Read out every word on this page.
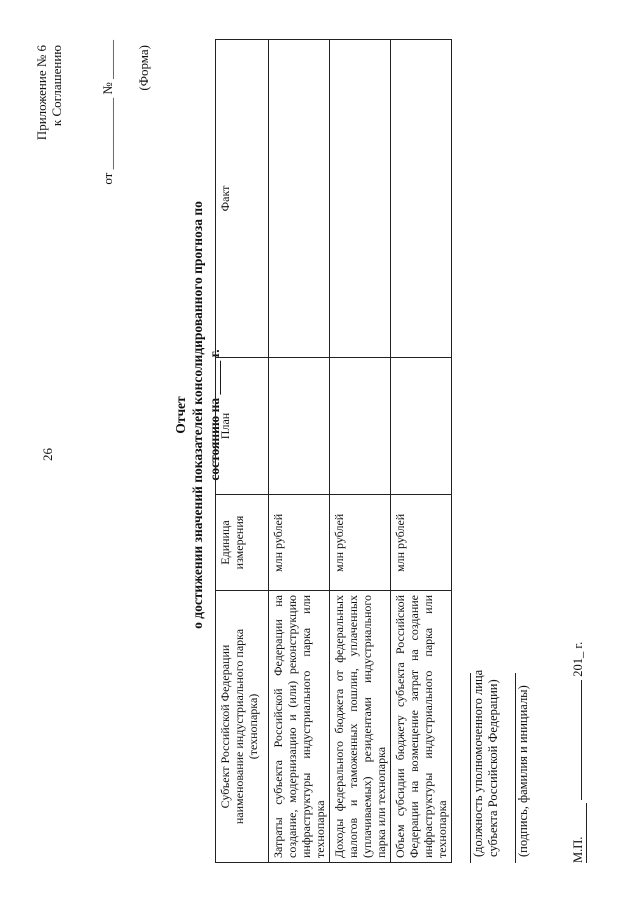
26
Приложение № 6 к Соглашению	от ___________ № ______ (Форма)
Отчет о достижении значений показателей консолидированного прогноза по состоянию на _____ г.
Субъект Российской Федерации наименование индустриального парка (технопарка)	Единица измерения	План	Факт
Затраты субъекта Российской Федерации на создание, модернизацию и (или) реконструкцию инфраструктуры индустриального парка или технопарка	млн рублей		
Доходы федерального бюджета от федеральных налогов и таможенных пошлин, уплаченных (уплачиваемых) резидентами индустриального парка или технопарка	млн рублей		
Объем субсидии бюджету субъекта Российской Федерации на возмещение затрат на создание инфраструктуры индустриального парка или технопарка	млн рублей		
(должность уполномоченного лица субъекта Российской Федерации) (подпись, фамилия и инициалы)	М.П.  201_ г.
